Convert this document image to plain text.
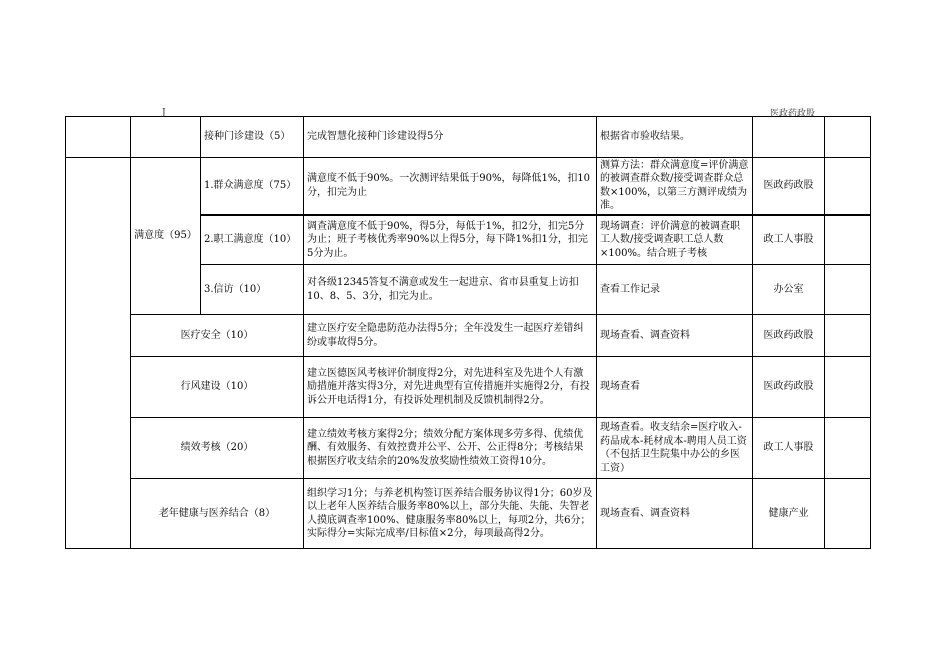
J	医政药政股
		接种门诊建设（5）	完成智慧化接种门诊建设得5分	根据省市验收结果。		
	满意度（95）	1.群众满意度（75）	满意度不低于90%。一次测评结果低于90%，每降低1%，扣10分，扣完为止	测算方法：群众满意度=评价满意的被调查群众数/接受调查群众总数×100%，以第三方测评成绩为准。	医政药政股	
		2.职工满意度（10）	调查满意度不低于90%，得5分，每低于1%，扣2分，扣完5分为止；班子考核优秀率90%以上得5分，每下降1%扣1分，扣完5分为止。	现场调查：评价满意的被调查职工人数/接受调查职工总人数×100%。结合班子考核	政工人事股	
		3.信访（10）	对各级12345答复不满意或发生一起进京、省市县重复上访扣10、8、5、3分，扣完为止。	查看工作记录	办公室	
	医疗安全（10）		建立医疗安全隐患防范办法得5分；全年没发生一起医疗差错纠纷或事故得5分。	现场查看、调查资料	医政药政股	
	行风建设（10）		建立医德医风考核评价制度得2分，对先进科室及先进个人有激励措施并落实得3分，对先进典型有宣传措施并实施得2分，有投诉公开电话得1分，有投诉处理机制及反馈机制得2分。	现场查看	医政药政股	
	绩效考核（20）		建立绩效考核方案得2分；绩效分配方案体现多劳多得、优绩优酬、有效服务、有效控费并公平、公开、公正得8分；考核结果根据医疗收支结余的20%发放奖励性绩效工资得10分。	现场查看。收支结余=医疗收入-药品成本-耗材成本-聘用人员工资（不包括卫生院集中办公的乡医工资）	政工人事股	
	老年健康与医养结合（8）		组织学习1分；与养老机构签订医养结合服务协议得1分；60岁及以上老年人医养结合服务率80%以上，部分失能、失能、失智老人摸底调查率100%、健康服务率80%以上，每项2分，共6分；实际得分=实际完成率/目标值×2分，每项最高得2分。	现场查看、调查资料	健康产业	
